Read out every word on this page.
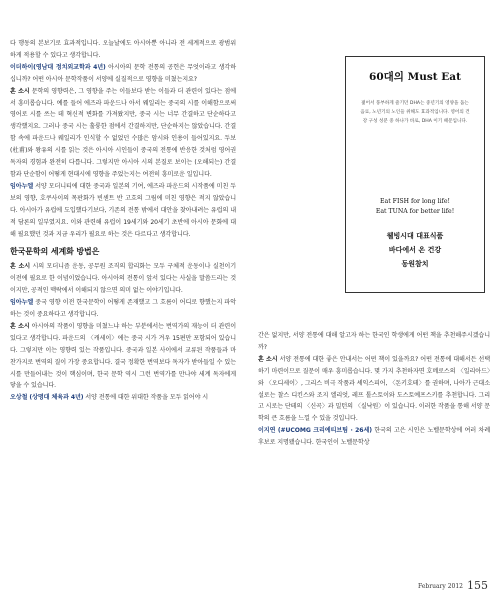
다 행동의 본보기로 효과적입니다. 오늘날에도 아시아뿐 아니라 전 세계적으로 광범위하게 적용할 수 있다고 생각합니다.

이더하이(영남대 정치외교학과 4년) 아시아의 문학 전통의 공헌은 무엇이라고 생각하십니까? 어떤 아시아 문학작품이 서양에 실질적으로 영향을 미쳤는지요?

혼 소시 문학의 영향력은, 그 영향을 주는 이들보다 받는 이들과 더 관련이 있다는 점에서 흥미롭습니다. 예를 들어 에즈라 파운드나 아서 웨일리는 중국의 시를 이해함으로써 영어로 시를 쓰는 데 혁신적 변화를 가져왔지만, 중국 시는 너무 간결하고 단순하다고 생각했지요. 그러나 중국 시는 훌륭한 점에서 간결하지만, 단순하지는 않았습니다. 간결함 속에 파운드나 웨일리가 인식할 수 없었던 수많은 암시와 인용이 들어있지요. 두보(杜甫)와 왕유의 시를 읽는 것은 아시아 시인들이 중국의 전통에 반응한 것처럼 영어권 독자의 경험과 완전히 다릅니다. 그렇지만 아시아 시의 본질로 보이는 (오해되는) 간결함과 단순함이 어떻게 현대시에 영향을 주었는지는 여전히 흥미로운 일입니다.

임아누엘 서양 모더니티에 대한 중국과 일본의 기여, 에즈라 파운드의 시작품에 미친 두보의 영향, 호쿠사이의 목판화가 빈센트 반 고흐의 그림에 미친 영향은 적지 않았습니다. 아시아가 유럽에 도입했다기보다, 기존의 전통 밖에서 대안을 찾아내려는 유럽의 내적 담론의 일부였지요. 이와 관련해 유럽이 19세기와 20세기 초반에 아시아 문화에 대해 필요했던 것과 지금 우리가 필요로 하는 것은 다르다고 생각합니다.

한국문학의 세계화 방법은

혼 소시 시의 모더니즘 운동, 공무원 조직의 합리화는 모두 구체적 운동이나 실천이기 이전에 필요로 한 이념이었습니다. 아시아의 전통이 앞서 있다는 사실을 말씀드리는 것이지만, 공적인 맥락에서 이해되지 않으면 의미 없는 이야기입니다.

임아누엘 중국 영향 이전 한국문학이 어떻게 존재했고 그 흐름이 어디로 향했는지 파악하는 것이 중요하다고 생각합니다.

혼 소시 아시아의 작품이 영향을 미쳤느냐 하는 부분에서는 번역가의 재능이 더 관련이 있다고 생각합니다. 파운드의 〈캐세이〉에는 중국 시가 겨우 15편만 포함되어 있습니다. 그렇지만 이는 영향력 있는 작품입니다. 중국과 일본 사이에서 교류된 작품들과 마찬가지로 번역의 질이 가장 중요합니다. 결국 정확한 번역보다 독자가 받아들일 수 있는 시를 만들어내는 것이 핵심이며, 한국 문학 역시 그런 번역가를 만나야 세계 독자에게 닿을 수 있습니다.

오상철 (상명대 체육과 4년) 서양 전통에 대한 위대한 작품을 모두 읽어야 시

60대의 Must Eat
젊어서 풍부하게 즐기던 DHA는 중년기의 영양을 돕는 음료, 노년기의 노인들 위해도 효과적입니다. 영어의 건강 구성 성분 중 하나가 바로, DHA 이기 때문입니다.
Eat FISH for long life!
Eat TUNA for better life!
웰빙시대 대표식품
바다에서 온 건강
동원참치

간은 없지만, 서양 전통에 대해 알고자 하는 한국인 학생에게 어떤 책을 추천해주시겠습니까?

혼 소시 서양 전통에 대한 좋은 안내서는 어떤 책이 있을까요? 어떤 전통에 대해서든 선택하기 마련이므로 질문이 매우 흥미롭습니다. 몇 가지 추천하자면 호메로스의 〈일리아드〉와 〈오디세이〉, 그리스 비극 작품과 셰익스피어, 〈돈키호테〉를 권하며, 나아가 근대소설로는 찰스 디킨스와 조지 엘리엇, 레프 톨스토이와 도스토예프스키를 추천합니다. 그리고 시로는 단테의 〈신곡〉과 밀턴의 〈실낙원〉이 있습니다. 이러한 작품을 통해 서양 문학의 큰 흐름을 느낄 수 있을 것입니다.

이지연 (#UCOMG 크리에티브팀 · 26세) 한국의 고은 시인은 노벨문학상에 여러 차례 후보로 지명됐습니다. 한국인이 노벨문학상

February 2012 155
